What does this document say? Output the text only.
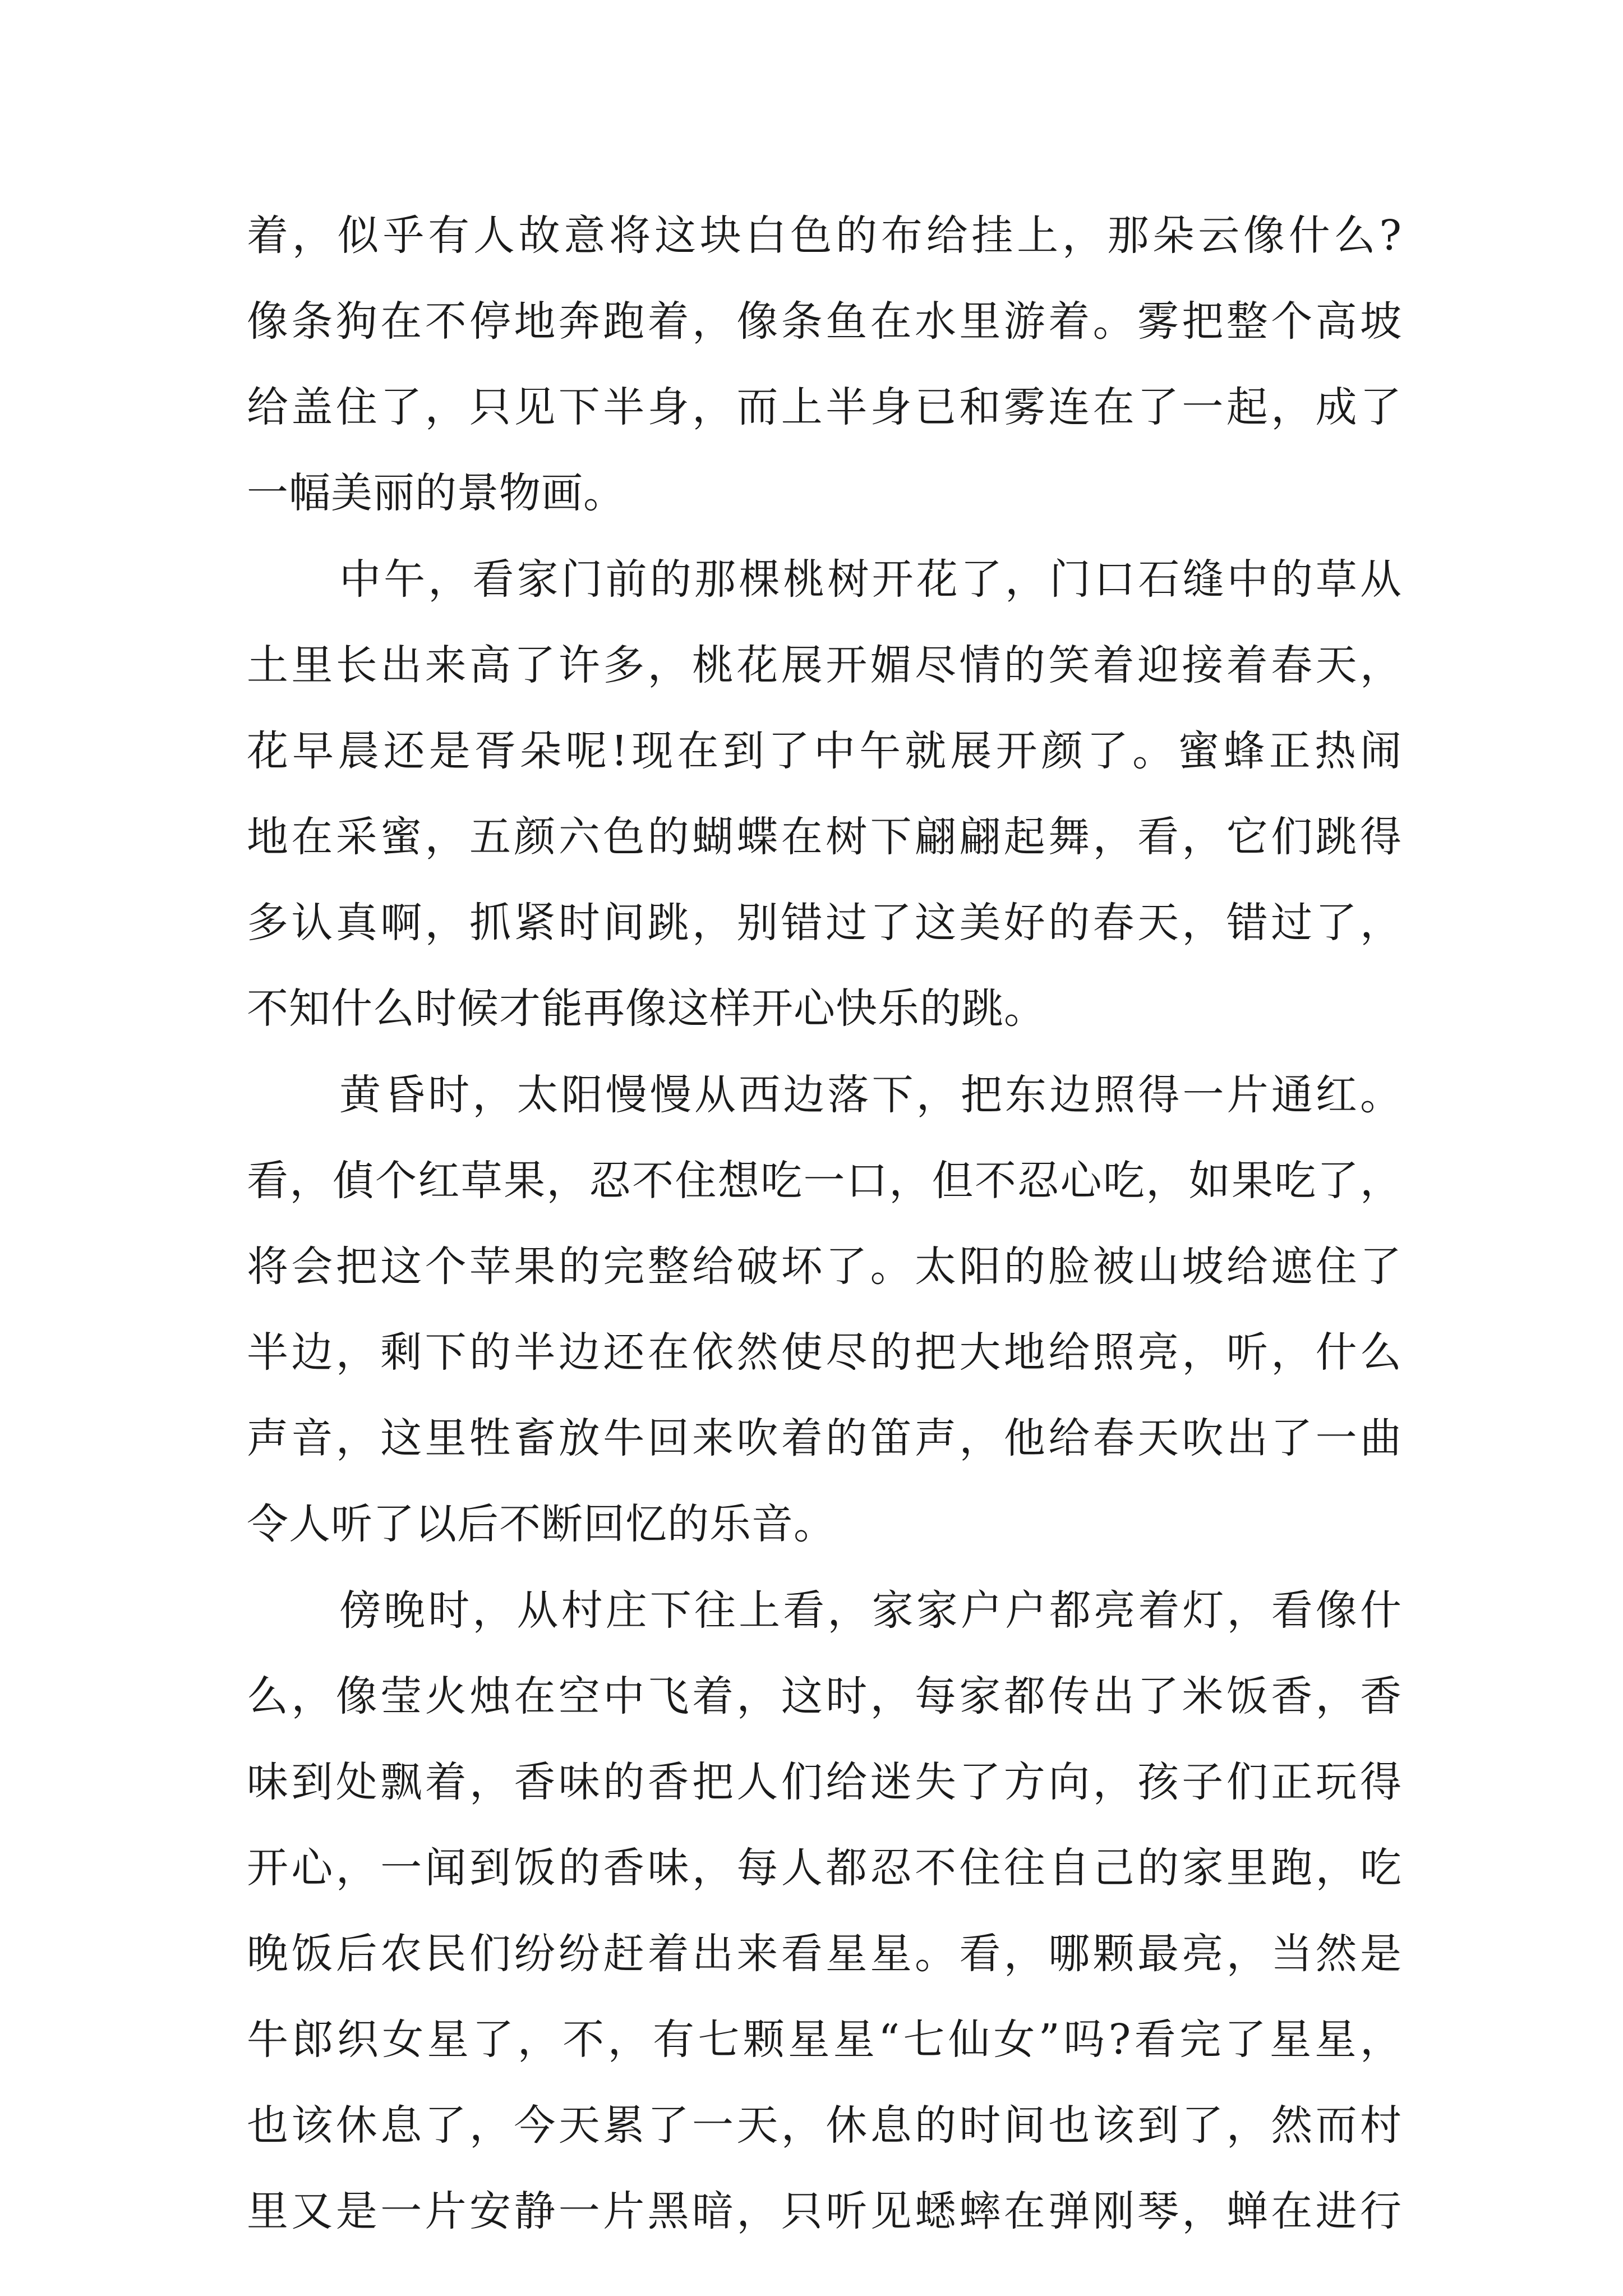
着，似乎有人故意将这块白色的布给挂上，那朵云像什么?
像条狗在不停地奔跑着，像条鱼在水里游着。雾把整个高坡
给盖住了，只见下半身，而上半身已和雾连在了一起，成了
一幅美丽的景物画。
中午，看家门前的那棵桃树开花了，门口石缝中的草从
土里长出来高了许多，桃花展开媚尽情的笑着迎接着春天，
花早晨还是胥朵呢!现在到了中午就展开颜了。蜜蜂正热闹
地在采蜜，五颜六色的蝴蝶在树下翩翩起舞，看，它们跳得
多认真啊，抓紧时间跳，别错过了这美好的春天，错过了，
不知什么时候才能再像这样开心快乐的跳。
黄昏时，太阳慢慢从西边落下，把东边照得一片通红。
看，偵个红草果，忍不住想吃一口，但不忍心吃，如果吃了，
将会把这个苹果的完整给破坏了。太阳的脸被山坡给遮住了
半边，剩下的半边还在依然使尽的把大地给照亮，听，什么
声音，这里牲畜放牛回来吹着的笛声，他给春天吹出了一曲
令人听了以后不断回忆的乐音。
傍晚时，从村庄下往上看，家家户户都亮着灯，看像什
么，像莹火烛在空中飞着，这时，每家都传出了米饭香，香
味到处飘着，香味的香把人们给迷失了方向，孩子们正玩得
开心，一闻到饭的香味，每人都忍不住往自己的家里跑，吃
晚饭后农民们纷纷赶着出来看星星。看，哪颗最亮，当然是
牛郎织女星了，不，有七颗星星“七仙女”吗?看完了星星，
也该休息了，今天累了一天，休息的时间也该到了，然而村
里又是一片安静一片黑暗，只听见蟋蟀在弹刚琴，蝉在进行
